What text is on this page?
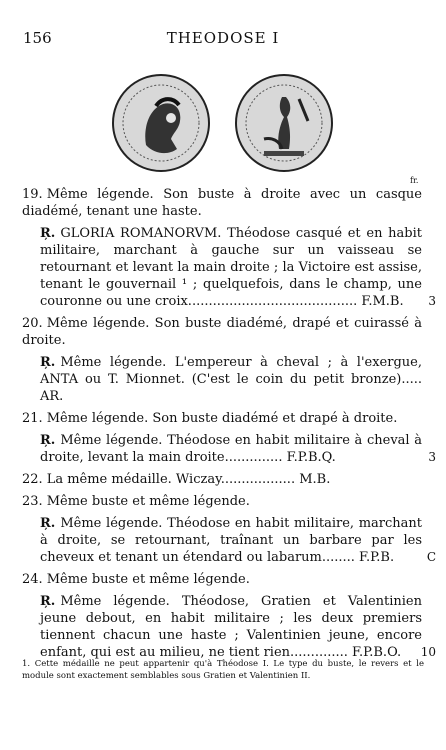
156	THEODOSE I
fr.
19. Même légende. Son buste à droite avec un casque diadémé, tenant une haste.
Ŗ. GLORIA ROMANORVM. Théodose casqué et en habit militaire, marchant à gauche sur un vaisseau se retournant et levant la main droite ; la Victoire est assise, tenant le gouvernail ¹ ; quelquefois, dans le champ, une couronne ou une croix......................................... F.M.B. 3
20. Même légende. Son buste diadémé, drapé et cuirassé à droite.
Ŗ. Même légende. L'empereur à cheval ; à l'exergue, ANTA ou T. Mionnet. (C'est le coin du petit bronze)..... AR.
21. Même légende. Son buste diadémé et drapé à droite.
Ŗ. Même légende. Théodose en habit militaire à cheval à droite, levant la main droite.............. F.P.B.Q.	3
22. La même médaille. Wiczay.................. M.B.
23. Même buste et même légende.
Ŗ. Même légende. Théodose en habit militaire, marchant à droite, se retournant, traînant un barbare par les cheveux et tenant un étendard ou labarum........ F.P.B.	C
24. Même buste et même légende.
Ŗ. Même légende. Théodose, Gratien et Valentinien jeune debout, en habit militaire ; les deux premiers tiennent chacun une haste ; Valentinien jeune, encore enfant, qui est au milieu, ne tient rien.............. F.P.B.O. 10
1. Cette médaille ne peut appartenir qu'à Théodose I. Le type du buste, le revers et le module sont exactement semblables sous Gratien et Valentinien II.
